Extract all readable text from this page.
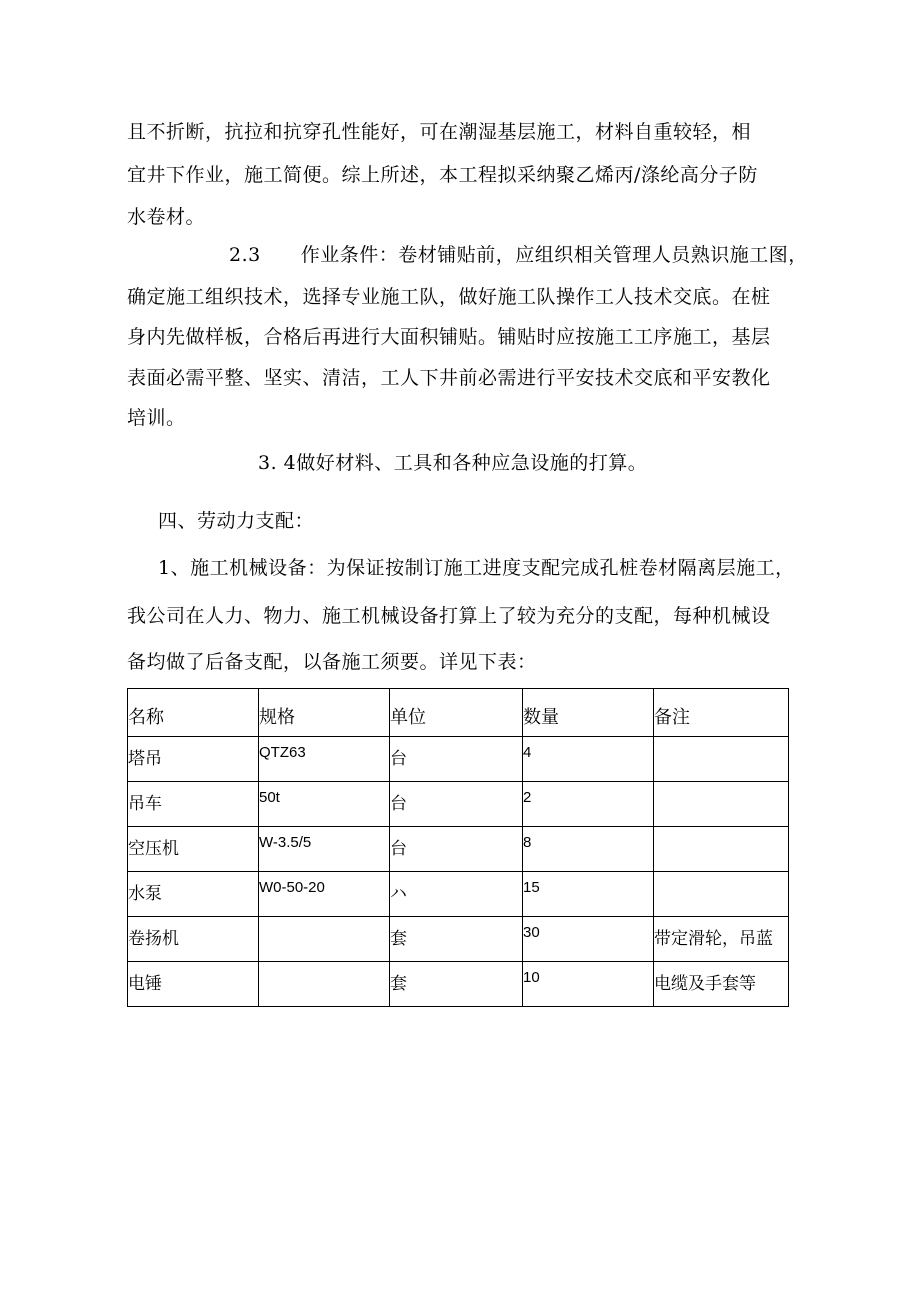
且不折断，抗拉和抗穿孔性能好，可在潮湿基层施工，材料自重较轻，相
宜井下作业，施工简便。综上所述，本工程拟采纳聚乙烯丙/涤纶高分子防
水卷材。
2.3 作业条件：卷材铺贴前，应组织相关管理人员熟识施工图，
确定施工组织技术，选择专业施工队，做好施工队操作工人技术交底。在桩
身内先做样板，合格后再进行大面积铺贴。铺贴时应按施工工序施工，基层
表面必需平整、坚实、清洁，工人下井前必需进行平安技术交底和平安教化
培训。
3. 4做好材料、工具和各种应急设施的打算。
四、劳动力支配：
1、施工机械设备：为保证按制订施工进度支配完成孔桩卷材隔离层施工，
我公司在人力、物力、施工机械设备打算上了较为充分的支配，每种机械设
备均做了后备支配，以备施工须要。详见下表：
名称	规格	单位	数量	备注
塔吊	QTZ63	台	4	
吊车	50t	台	2	
空压机	W-3.5/5	台	8	
水泵	W0-50-20	ハ	15	
卷扬机		套	30	带定滑轮，吊蓝
电锤		套	10	电缆及手套等
